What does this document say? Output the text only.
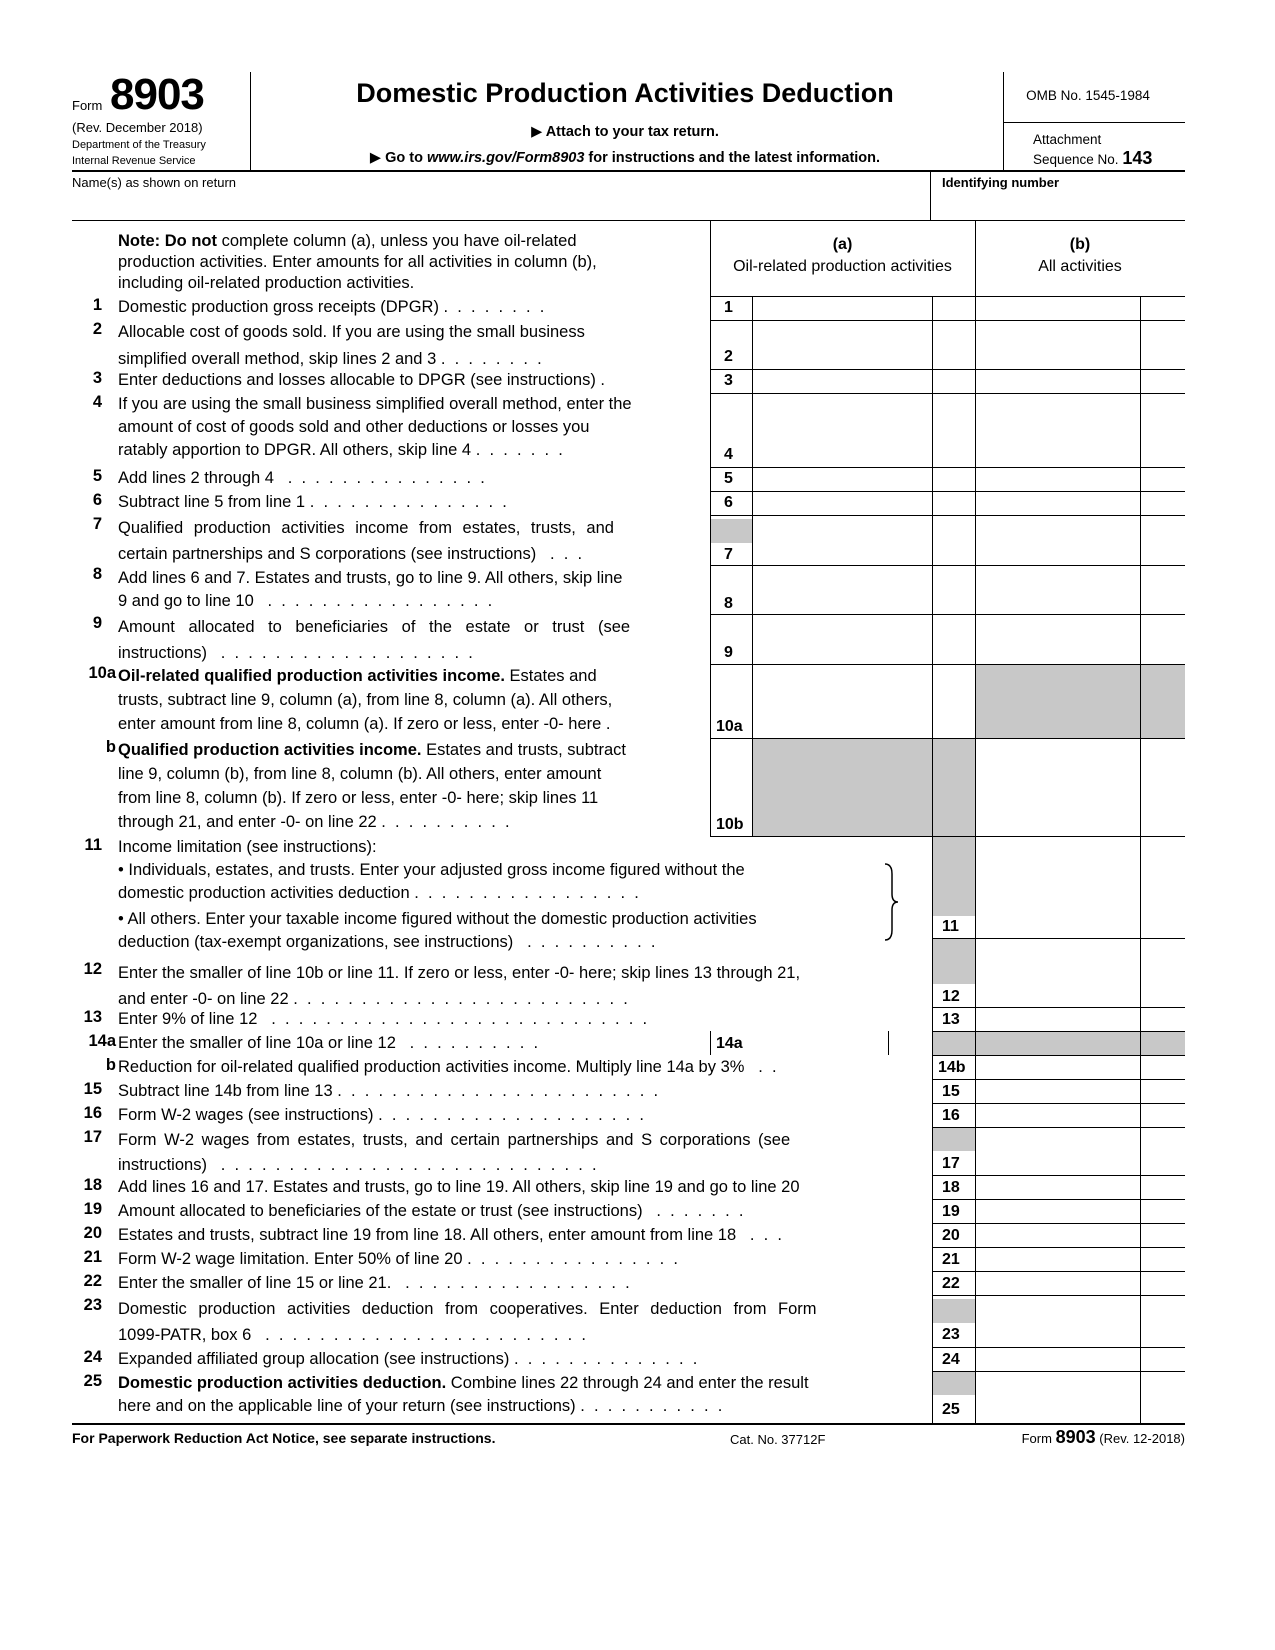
Form 8903
(Rev. December 2018)
Department of the Treasury
Internal Revenue Service
Domestic Production Activities Deduction
▶ Attach to your tax return.
▶ Go to www.irs.gov/Form8903 for instructions and the latest information.
OMB No. 1545-1984
Attachment
Sequence No. 143
Name(s) as shown on return	Identifying number
Note: Do not complete column (a), unless you have oil-related
production activities. Enter amounts for all activities in column (b),
including oil-related production activities.
(a)
Oil-related production activities
(b)
All activities
1 Domestic production gross receipts (DPGR) .  .  .  .  .  .  .  .	1
2 Allocable cost of goods sold. If you are using the small business
simplified overall method, skip lines 2 and 3 .  .  .  .  .  .  .  .	2
3 Enter deductions and losses allocable to DPGR (see instructions) .	3
4 If you are using the small business simplified overall method, enter the
amount of cost of goods sold and other deductions or losses you
ratably apportion to DPGR. All others, skip line 4 .  .  .  .  .  .  .	4
5 Add lines 2 through 4 .  .  .  .  .  .  .  .  .  .  .  .  .  .  .	5
6 Subtract line 5 from line 1 .  .  .  .  .  .  .  .  .  .  .  .  .  .  .	6
7 Qualified production activities income from estates, trusts, and
certain partnerships and S corporations (see instructions) .  .  .	7
8 Add lines 6 and 7. Estates and trusts, go to line 9. All others, skip line
9 and go to line 10 .  .  .  .  .  .  .  .  .  .  .  .  .  .  .  .  .	8
9 Amount allocated to beneficiaries of the estate or trust (see
instructions) .  .  .  .  .  .  .  .  .  .  .  .  .  .  .  .  .  .  .	9
10a Oil-related qualified production activities income. Estates and
trusts, subtract line 9, column (a), from line 8, column (a). All others,
enter amount from line 8, column (a). If zero or less, enter -0- here .	10a
b Qualified production activities income. Estates and trusts, subtract
line 9, column (b), from line 8, column (b). All others, enter amount
from line 8, column (b). If zero or less, enter -0- here; skip lines 11
through 21, and enter -0- on line 22 .  .  .  .  .  .  .  .  .  .	10b
11 Income limitation (see instructions):
• Individuals, estates, and trusts. Enter your adjusted gross income figured without the
domestic production activities deduction .  .  .  .  .  .  .  .  .  .  .  .  .  .  .  .  .
• All others. Enter your taxable income figured without the domestic production activities
deduction (tax-exempt organizations, see instructions) .  .  .  .  .  .  .  .  .  .
11
12 Enter the smaller of line 10b or line 11. If zero or less, enter -0- here; skip lines 13 through 21,
and enter -0- on line 22 .  .  .  .  .  .  .  .  .  .  .  .  .  .  .  .  .  .  .  .  .  .  .  .  .	12
13 Enter 9% of line 12 .  .  .  .  .  .  .  .  .  .  .  .  .  .  .  .  .  .  .  .  .  .  .  .  .  .  .  .	13
14a Enter the smaller of line 10a or line 12 .  .  .  .  .  .  .  .  .  .	14a
b Reduction for oil-related qualified production activities income. Multiply line 14a by 3% .  .	14b
15 Subtract line 14b from line 13 .  .  .  .  .  .  .  .  .  .  .  .  .  .  .  .  .  .  .  .  .  .  .  .	15
16 Form W-2 wages (see instructions) .  .  .  .  .  .  .  .  .  .  .  .  .  .  .  .  .  .  .  .	16
17 Form W-2 wages from estates, trusts, and certain partnerships and S corporations (see
instructions) .  .  .  .  .  .  .  .  .  .  .  .  .  .  .  .  .  .  .  .  .  .  .  .  .  .  .  .	17
18 Add lines 16 and 17. Estates and trusts, go to line 19. All others, skip line 19 and go to line 20	18
19 Amount allocated to beneficiaries of the estate or trust (see instructions) .  .  .  .  .  .  .	19
20 Estates and trusts, subtract line 19 from line 18. All others, enter amount from line 18 .  .  .	20
21 Form W-2 wage limitation. Enter 50% of line 20 .  .  .  .  .  .  .  .  .  .  .  .  .  .  .  .	21
22 Enter the smaller of line 15 or line 21. .  .  .  .  .  .  .  .  .  .  .  .  .  .  .  .  .	22
23 Domestic production activities deduction from cooperatives. Enter deduction from Form
1099-PATR, box 6 .  .  .  .  .  .  .  .  .  .  .  .  .  .  .  .  .  .  .  .  .  .  .  .	23
24 Expanded affiliated group allocation (see instructions) .  .  .  .  .  .  .  .  .  .  .  .  .  .	24
25 Domestic production activities deduction. Combine lines 22 through 24 and enter the result
here and on the applicable line of your return (see instructions) .  .  .  .  .  .  .  .  .  .  .	25
For Paperwork Reduction Act Notice, see separate instructions.	Cat. No. 37712F	Form 8903 (Rev. 12-2018)
